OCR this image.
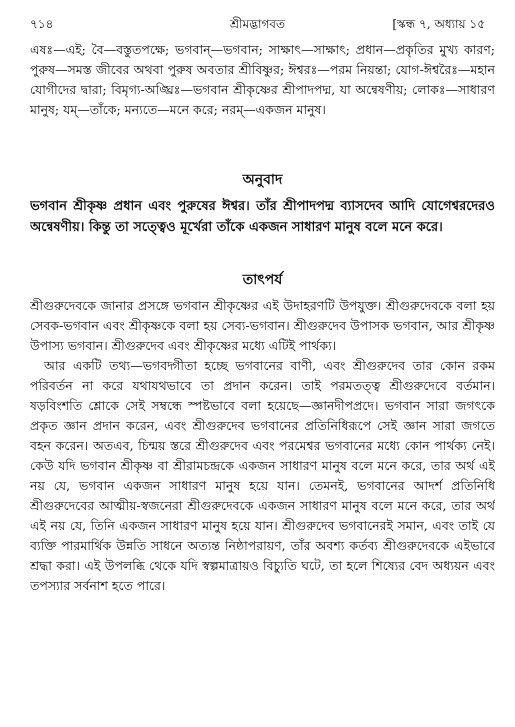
৭১৪	শ্রীমদ্ভাগবত	[স্কন্ধ ৭, অধ্যায় ১৫
এষঃ—এই; বৈ—বস্তুতপক্ষে; ভগবান্—ভগবান; সাক্ষাৎ—সাক্ষাৎ; প্রধান—প্রকৃতির মুখ্য কারণ; পুরুষ—সমস্ত জীবের অথবা পুরুষ অবতার শ্রীবিষ্ণুর; ঈশ্বরঃ—পরম নিয়ন্তা; যোগ-ঈশ্বরৈঃ—মহান যোগীদের দ্বারা; বিমৃগ্য-অঙ্ঘ্রিঃ—ভগবান শ্রীকৃষ্ণের শ্রীপাদপদ্ম, যা অন্বেষণীয়; লোকঃ—সাধারণ মানুষ; যম্—তাঁকে; মন্যতে—মনে করে; নরম্—একজন মানুষ।
অনুবাদ
ভগবান শ্রীকৃষ্ণ প্রধান এবং পুরুষের ঈশ্বর। তাঁর শ্রীপাদপদ্ম ব্যাসদেব আদি যোগেশ্বরদেরও অন্বেষণীয়। কিন্তু তা সত্ত্বেও মূর্খেরা তাঁকে একজন সাধারণ মানুষ বলে মনে করে।
তাৎপর্য

শ্রীগুরুদেবকে জানার প্রসঙ্গে ভগবান শ্রীকৃষ্ণের এই উদাহরণটি উপযুক্ত। শ্রীগুরুদেবকে বলা হয় সেবক-ভগবান এবং শ্রীকৃষ্ণকে বলা হয় সেব্য-ভগবান। শ্রীগুরুদেব উপাসক ভগবান, আর শ্রীকৃষ্ণ উপাস্য ভগবান। শ্রীগুরুদেব এবং শ্রীকৃষ্ণের মধ্যে এটিই পার্থক্য।

আর একটি তথ্য—ভগবদ্গীতা হচ্ছে ভগবানের বাণী, এবং শ্রীগুরুদেব তার কোন রকম পরিবর্তন না করে যথাযথভাবে তা প্রদান করেন। তাই পরমতত্ত্ব শ্রীগুরুদেবে বর্তমান। ষড়বিংশতি শ্লোকে সেই সম্বন্ধে স্পষ্টভাবে বলা হয়েছে—জ্ঞানদীপপ্রদে। ভগবান সারা জগৎকে প্রকৃত জ্ঞান প্রদান করেন, এবং শ্রীগুরুদেব ভগবানের প্রতিনিধিরূপে সেই জ্ঞান সারা জগতে বহন করেন। অতএব, চিন্ময় স্তরে শ্রীগুরুদেব এবং পরমেশ্বর ভগবানের মধ্যে কোন পার্থক্য নেই। কেউ যদি ভগবান শ্রীকৃষ্ণ বা শ্রীরামচন্দ্রকে একজন সাধারণ মানুষ বলে মনে করে, তার অর্থ এই নয় যে, ভগবান একজন সাধারণ মানুষ হয়ে যান। তেমনই, ভগবানের আদর্শ প্রতিনিধি শ্রীগুরুদেবের আত্মীয়-স্বজনেরা শ্রীগুরুদেবকে একজন সাধারণ মানুষ বলে মনে করে, তার অর্থ এই নয় যে, তিনি একজন সাধারণ মানুষ হয়ে যান। শ্রীগুরুদেব ভগবানেরই সমান, এবং তাই যে ব্যক্তি পারমার্থিক উন্নতি সাধনে অত্যন্ত নিষ্ঠাপরায়ণ, তাঁর অবশ্য কর্তব্য শ্রীগুরুদেবকে এইভাবে শ্রদ্ধা করা। এই উপলব্ধি থেকে যদি স্বল্পমাত্রায়ও বিচ্যুতি ঘটে, তা হলে শিষ্যের বেদ অধ্যয়ন এবং তপস্যার সর্বনাশ হতে পারে।
